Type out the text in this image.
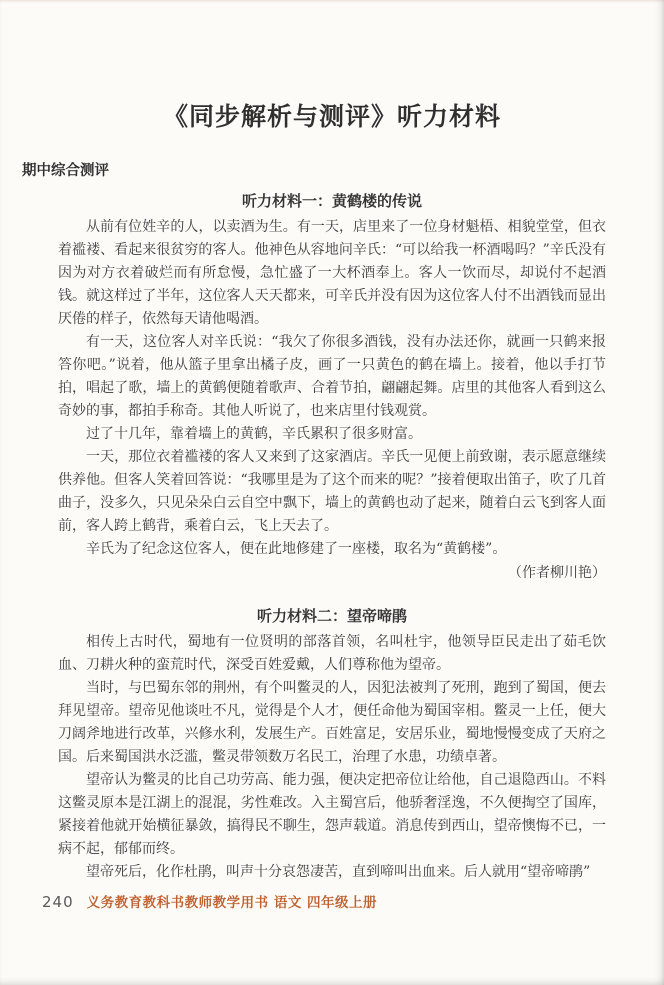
《同步解析与测评》听力材料
期中综合测评
听力材料一：黄鹤楼的传说

从前有位姓辛的人，以卖酒为生。有一天，店里来了一位身材魁梧、相貌堂堂，但衣着褴褛、看起来很贫穷的客人。他神色从容地问辛氏：“可以给我一杯酒喝吗？”辛氏没有因为对方衣着破烂而有所怠慢，急忙盛了一大杯酒奉上。客人一饮而尽，却说付不起酒钱。就这样过了半年，这位客人天天都来，可辛氏并没有因为这位客人付不出酒钱而显出厌倦的样子，依然每天请他喝酒。

有一天，这位客人对辛氏说：“我欠了你很多酒钱，没有办法还你，就画一只鹤来报答你吧。”说着，他从篮子里拿出橘子皮，画了一只黄色的鹤在墙上。接着，他以手打节拍，唱起了歌，墙上的黄鹤便随着歌声、合着节拍，翩翩起舞。店里的其他客人看到这么奇妙的事，都拍手称奇。其他人听说了，也来店里付钱观赏。

过了十几年，靠着墙上的黄鹤，辛氏累积了很多财富。

一天，那位衣着褴褛的客人又来到了这家酒店。辛氏一见便上前致谢，表示愿意继续供养他。但客人笑着回答说：“我哪里是为了这个而来的呢？”接着便取出笛子，吹了几首曲子，没多久，只见朵朵白云自空中飘下，墙上的黄鹤也动了起来，随着白云飞到客人面前，客人跨上鹤背，乘着白云，飞上天去了。

辛氏为了纪念这位客人，便在此地修建了一座楼，取名为“黄鹤楼”。

（作者柳川艳）
听力材料二：望帝啼鹃

相传上古时代，蜀地有一位贤明的部落首领，名叫杜宇，他领导臣民走出了茹毛饮血、刀耕火种的蛮荒时代，深受百姓爱戴，人们尊称他为望帝。

当时，与巴蜀东邻的荆州，有个叫鳖灵的人，因犯法被判了死刑，跑到了蜀国，便去拜见望帝。望帝见他谈吐不凡，觉得是个人才，便任命他为蜀国宰相。鳖灵一上任，便大刀阔斧地进行改革，兴修水利，发展生产。百姓富足，安居乐业，蜀地慢慢变成了天府之国。后来蜀国洪水泛滥，鳖灵带领数万名民工，治理了水患，功绩卓著。

望帝认为鳖灵的比自己功劳高、能力强，便决定把帝位让给他，自己退隐西山。不料这鳖灵原本是江湖上的混混，劣性难改。入主蜀宫后，他骄奢淫逸，不久便掏空了国库，紧接着他就开始横征暴敛，搞得民不聊生，怨声载道。消息传到西山，望帝懊悔不已，一病不起，郁郁而终。

望帝死后，化作杜鹃，叫声十分哀怨凄苦，直到啼叫出血来。后人就用“望帝啼鹃”

240 义务教育教科书教师教学用书 语文 四年级上册
